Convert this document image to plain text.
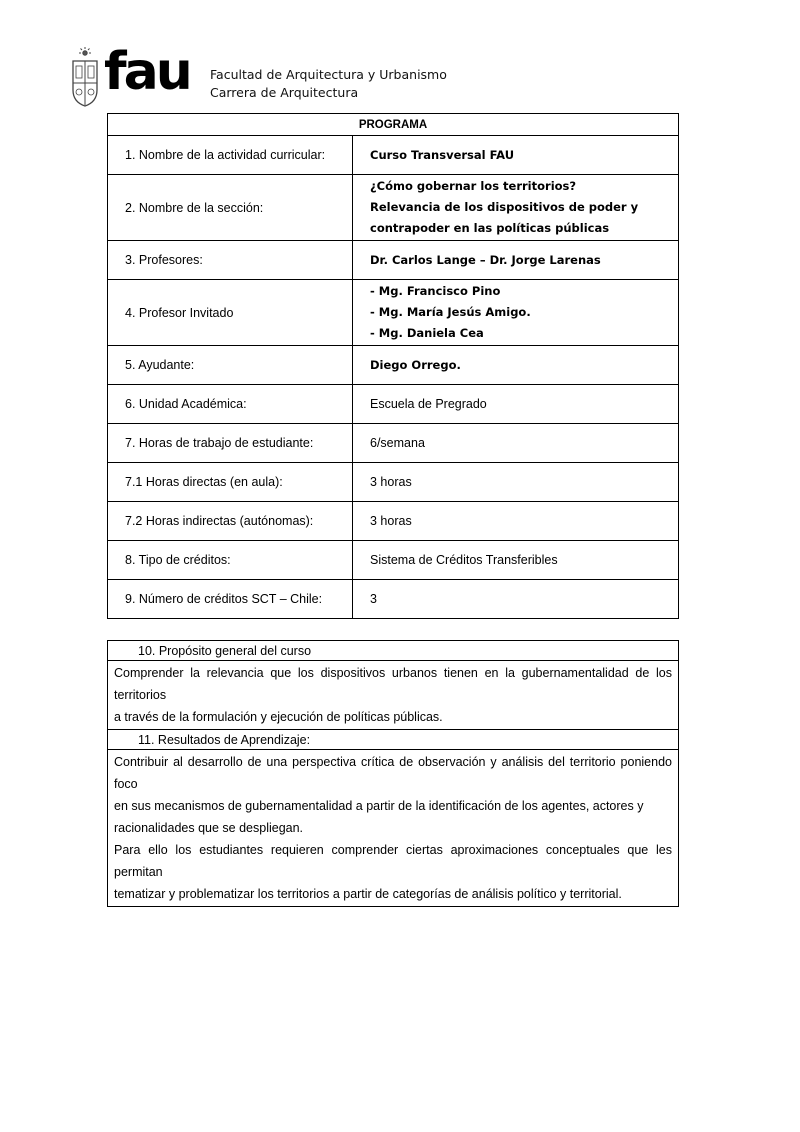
fau Facultad de Arquitectura y Urbanismo
Carrera de Arquitectura
PROGRAMA	
1. Nombre de la actividad curricular:	Curso Transversal FAU

2. Nombre de la sección:	¿Cómo gobernar los territorios?
Relevancia de los dispositivos de poder y
contrapoder en las políticas públicas

3. Profesores:	Dr. Carlos Lange – Dr. Jorge Larenas

4. Profesor Invitado	- Mg. Francisco Pino
- Mg. María Jesús Amigo.
- Mg. Daniela Cea

5. Ayudante:	Diego Orrego.

6. Unidad Académica:	Escuela de Pregrado
7. Horas de trabajo de estudiante:	6/semana
7.1 Horas directas (en aula):	3 horas
7.2 Horas indirectas (autónomas):	3 horas
8. Tipo de créditos:	Sistema de Créditos Transferibles
9. Número de créditos SCT – Chile:	3
10. Propósito general del curso

Comprender la relevancia que los dispositivos urbanos tienen en la gubernamentalidad de los territorios
a través de la formulación y ejecución de políticas públicas.
11. Resultados de Aprendizaje:

Contribuir al desarrollo de una perspectiva crítica de observación y análisis del territorio poniendo foco
en sus mecanismos de gubernamentalidad a partir de la identificación de los agentes, actores y
racionalidades que se despliegan.
Para ello los estudiantes requieren comprender ciertas aproximaciones conceptuales que les permitan
tematizar y problematizar los territorios a partir de categorías de análisis político y territorial.
